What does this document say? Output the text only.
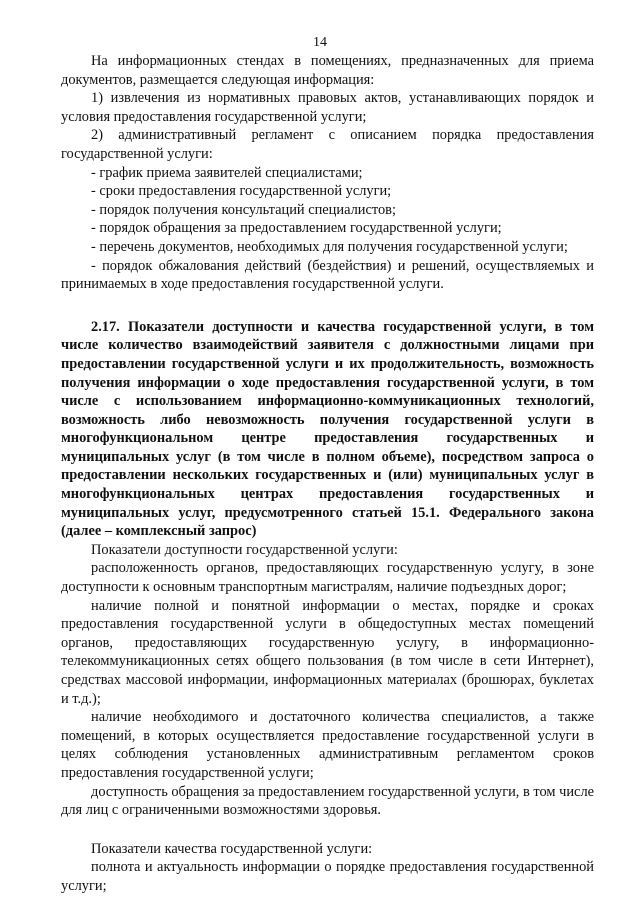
14

На информационных стендах в помещениях, предназначенных для приема документов, размещается следующая информация:

1) извлечения из нормативных правовых актов, устанавливающих порядок и условия предоставления государственной услуги;

2) административный регламент с описанием порядка предоставления государственной услуги:

- график приема заявителей специалистами;

- сроки предоставления государственной услуги;

- порядок получения консультаций специалистов;

- порядок обращения за предоставлением государственной услуги;

- перечень документов, необходимых для получения государственной услуги;

- порядок обжалования действий (бездействия) и решений, осуществляемых и принимаемых в ходе предоставления государственной услуги.

2.17. Показатели доступности и качества государственной услуги, в том числе количество взаимодействий заявителя с должностными лицами при предоставлении государственной услуги и их продолжительность, возможность получения информации о ходе предоставления государственной услуги, в том числе с использованием информационно-коммуникационных технологий, возможность либо невозможность получения государственной услуги в многофункциональном центре предоставления государственных и муниципальных услуг (в том числе в полном объеме), посредством запроса о предоставлении нескольких государственных и (или) муниципальных услуг в многофункциональных центрах предоставления государственных и муниципальных услуг, предусмотренного статьей 15.1. Федерального закона (далее – комплексный запрос)

Показатели доступности государственной услуги:

расположенность органов, предоставляющих государственную услугу, в зоне доступности к основным транспортным магистралям, наличие подъездных дорог;

наличие полной и понятной информации о местах, порядке и сроках предоставления государственной услуги в общедоступных местах помещений органов, предоставляющих государственную услугу, в информационно-телекоммуникационных сетях общего пользования (в том числе в сети Интернет), средствах массовой информации, информационных материалах (брошюрах, буклетах и т.д.);

наличие необходимого и достаточного количества специалистов, а также помещений, в которых осуществляется предоставление государственной услуги в целях соблюдения установленных административным регламентом сроков предоставления государственной услуги;

доступность обращения за предоставлением государственной услуги, в том числе для лиц с ограниченными возможностями здоровья.

Показатели качества государственной услуги:

полнота и актуальность информации о порядке предоставления государственной услуги;
